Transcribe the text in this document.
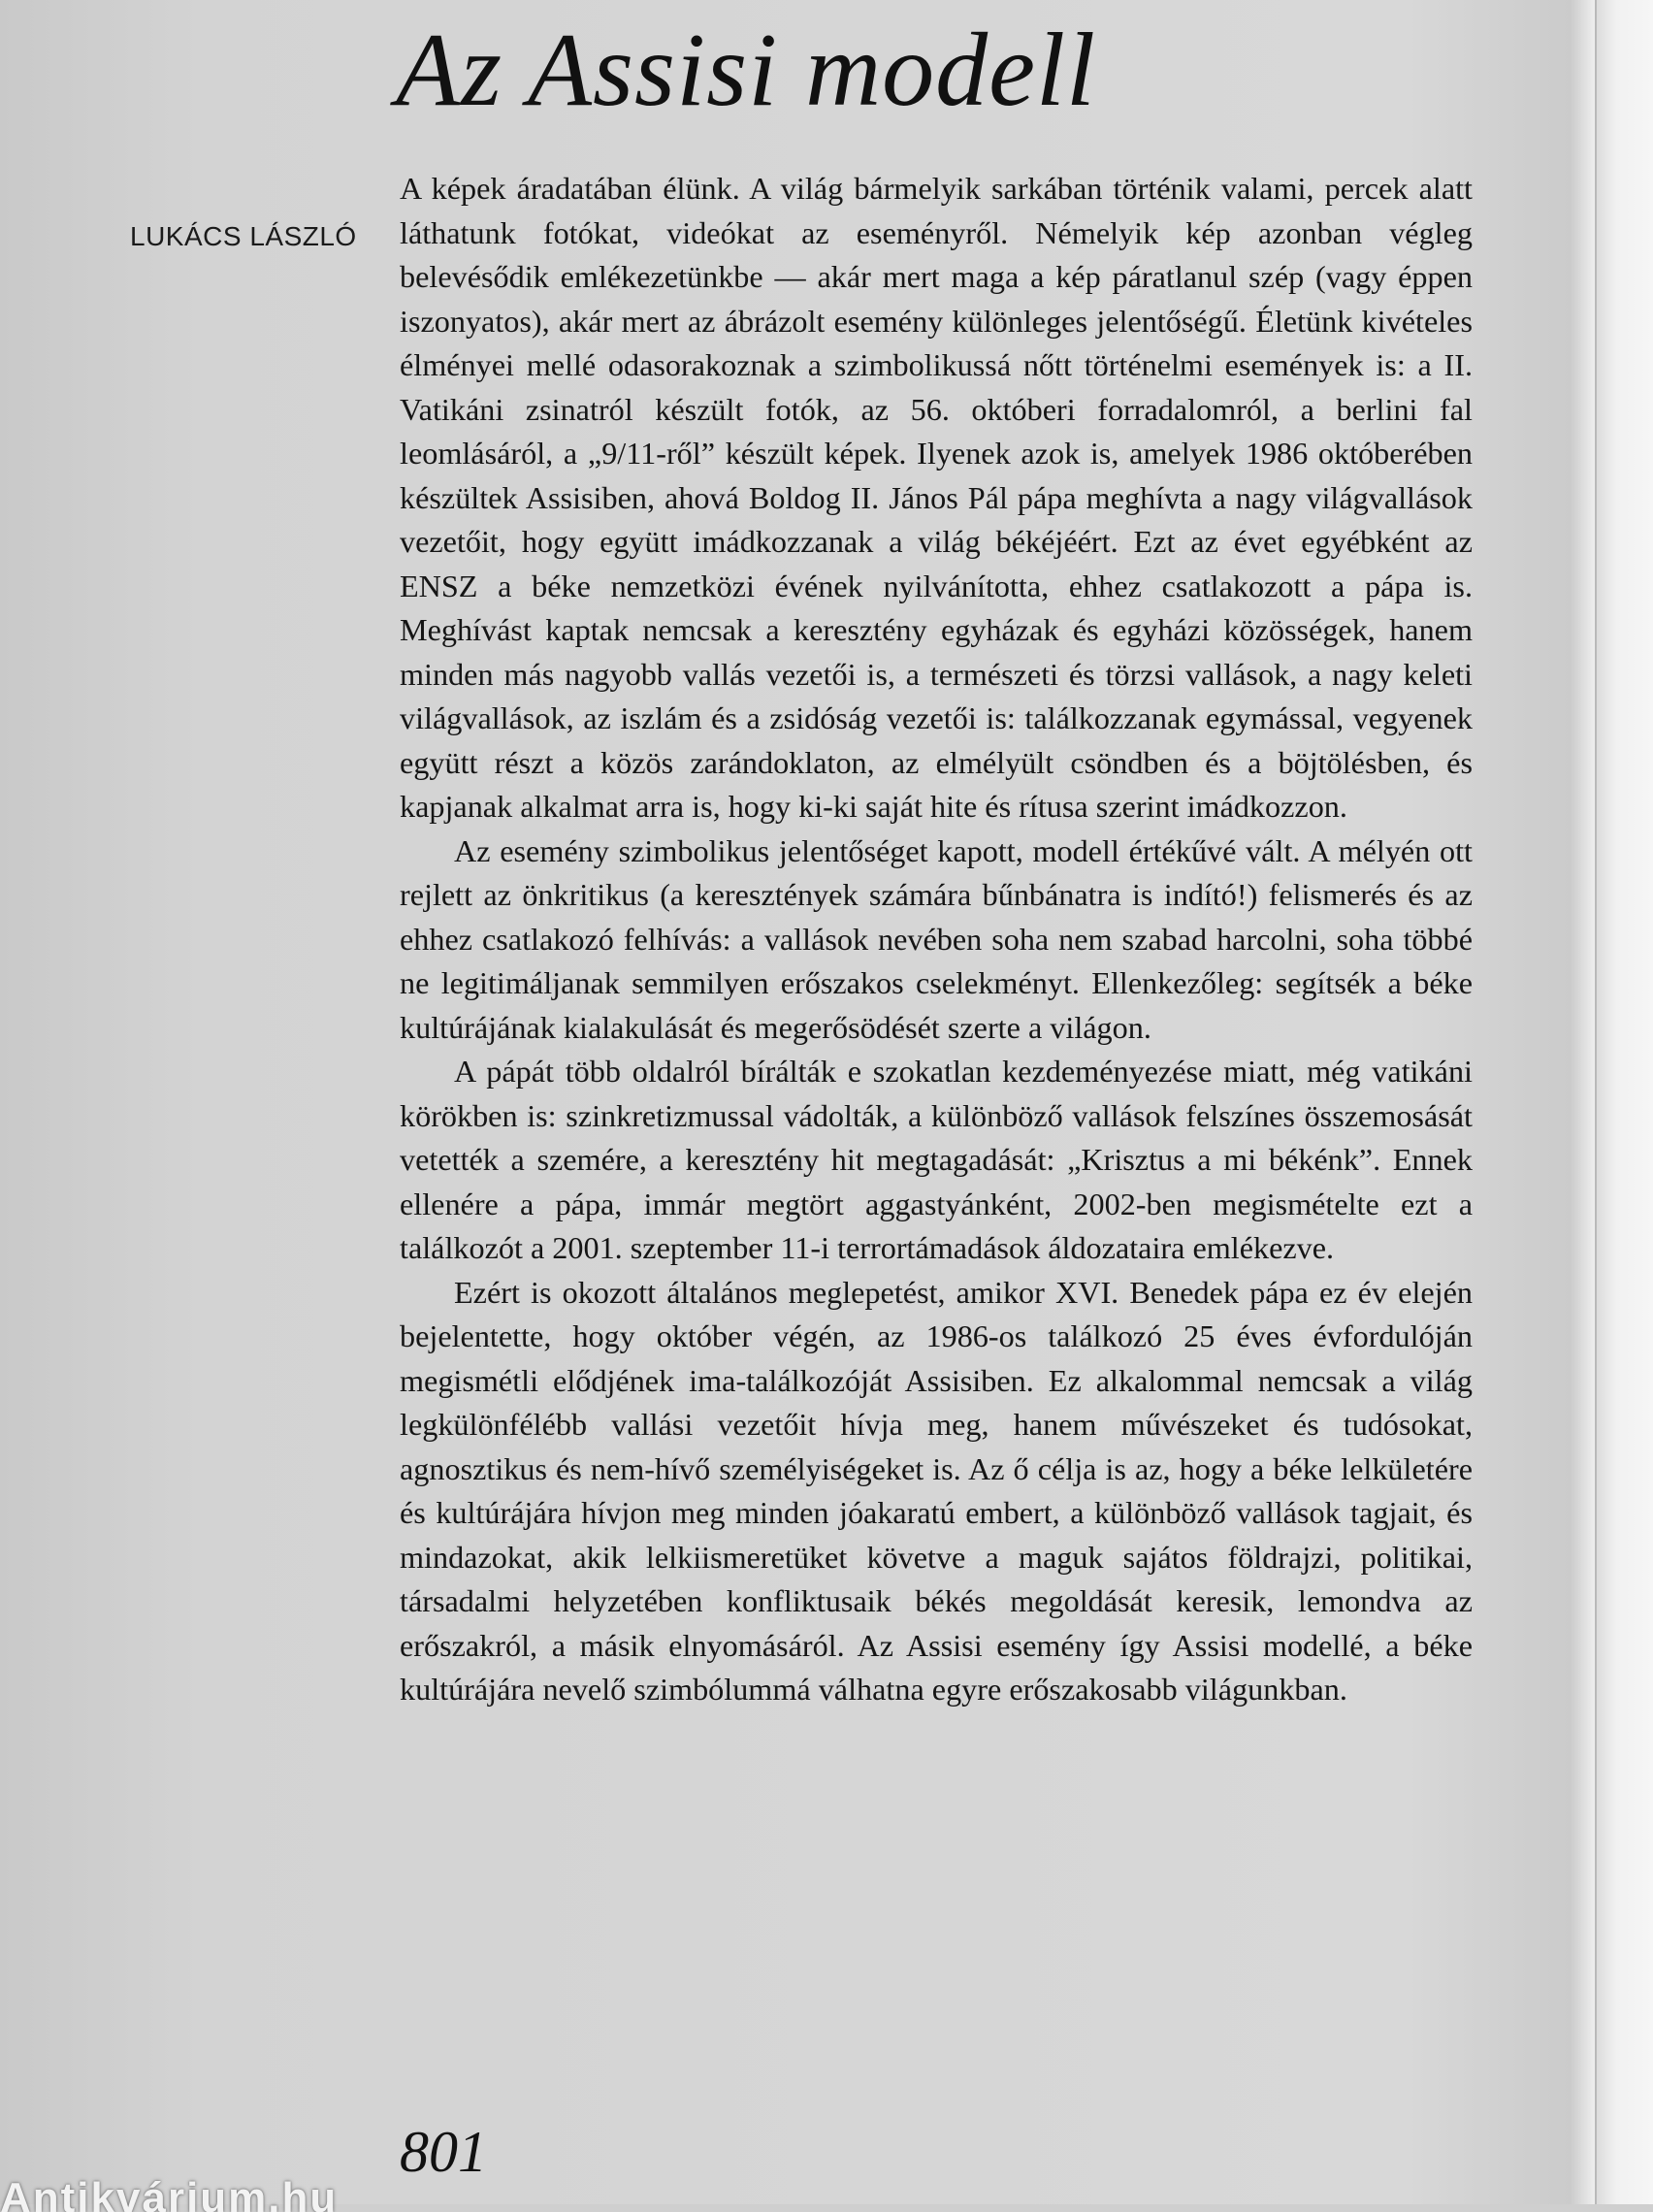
Az Assisi modell
LUKÁCS LÁSZLÓ

A képek áradatában élünk. A világ bármelyik sarkában történik valami, percek alatt láthatunk fotókat, videókat az eseményről. Némelyik kép azonban végleg belevésődik emlékezetünkbe — akár mert maga a kép páratlanul szép (vagy éppen iszonyatos), akár mert az ábrázolt esemény különleges jelentőségű. Életünk kivételes élményei mellé odasorakoznak a szimbolikussá nőtt történelmi események is: a II. Vatikáni zsinatról készült fotók, az 56. októberi forradalomról, a berlini fal leomlásáról, a „9/11-ről” készült képek. Ilyenek azok is, amelyek 1986 októberében készültek Assisiben, ahová Boldog II. János Pál pápa meghívta a nagy világvallások vezetőit, hogy együtt imádkozzanak a világ békéjéért. Ezt az évet egyébként az ENSZ a béke nemzetközi évének nyilvánította, ehhez csatlakozott a pápa is. Meghívást kaptak nemcsak a keresztény egyházak és egyházi közösségek, hanem minden más nagyobb vallás vezetői is, a természeti és törzsi vallások, a nagy keleti világvallások, az iszlám és a zsidóság vezetői is: találkozzanak egymással, vegyenek együtt részt a közös zarándoklaton, az elmélyült csöndben és a böjtölésben, és kapjanak alkalmat arra is, hogy ki-ki saját hite és rítusa szerint imádkozzon.

Az esemény szimbolikus jelentőséget kapott, modell értékűvé vált. A mélyén ott rejlett az önkritikus (a keresztények számára bűnbánatra is indító!) felismerés és az ehhez csatlakozó felhívás: a vallások nevében soha nem szabad harcolni, soha többé ne legitimáljanak semmilyen erőszakos cselekményt. Ellenkezőleg: segítsék a béke kultúrájának kialakulását és megerősödését szerte a világon.

A pápát több oldalról bírálták e szokatlan kezdeményezése miatt, még vatikáni körökben is: szinkretizmussal vádolták, a különböző vallások felszínes összemosását vetették a szemére, a keresztény hit megtagadását: „Krisztus a mi békénk”. Ennek ellenére a pápa, immár megtört aggastyánként, 2002-ben megismételte ezt a találkozót a 2001. szeptember 11-i terrortámadások áldozataira emlékezve.

Ezért is okozott általános meglepetést, amikor XVI. Benedek pápa ez év elején bejelentette, hogy október végén, az 1986-os találkozó 25 éves évfordulóján megismétli elődjének ima-találkozóját Assisiben. Ez alkalommal nemcsak a világ legkülönfélébb vallási vezetőit hívja meg, hanem művészeket és tudósokat, agnosztikus és nem-hívő személyiségeket is. Az ő célja is az, hogy a béke lelkületére és kultúrájára hívjon meg minden jóakaratú embert, a különböző vallások tagjait, és mindazokat, akik lelkiismeretüket követve a maguk sajátos földrajzi, politikai, társadalmi helyzetében konfliktusaik békés megoldását keresik, lemondva az erőszakról, a másik elnyomásáról. Az Assisi esemény így Assisi modellé, a béke kultúrájára nevelő szimbólummá válhatna egyre erőszakosabb világunkban.

801
Antikvárium.hu
